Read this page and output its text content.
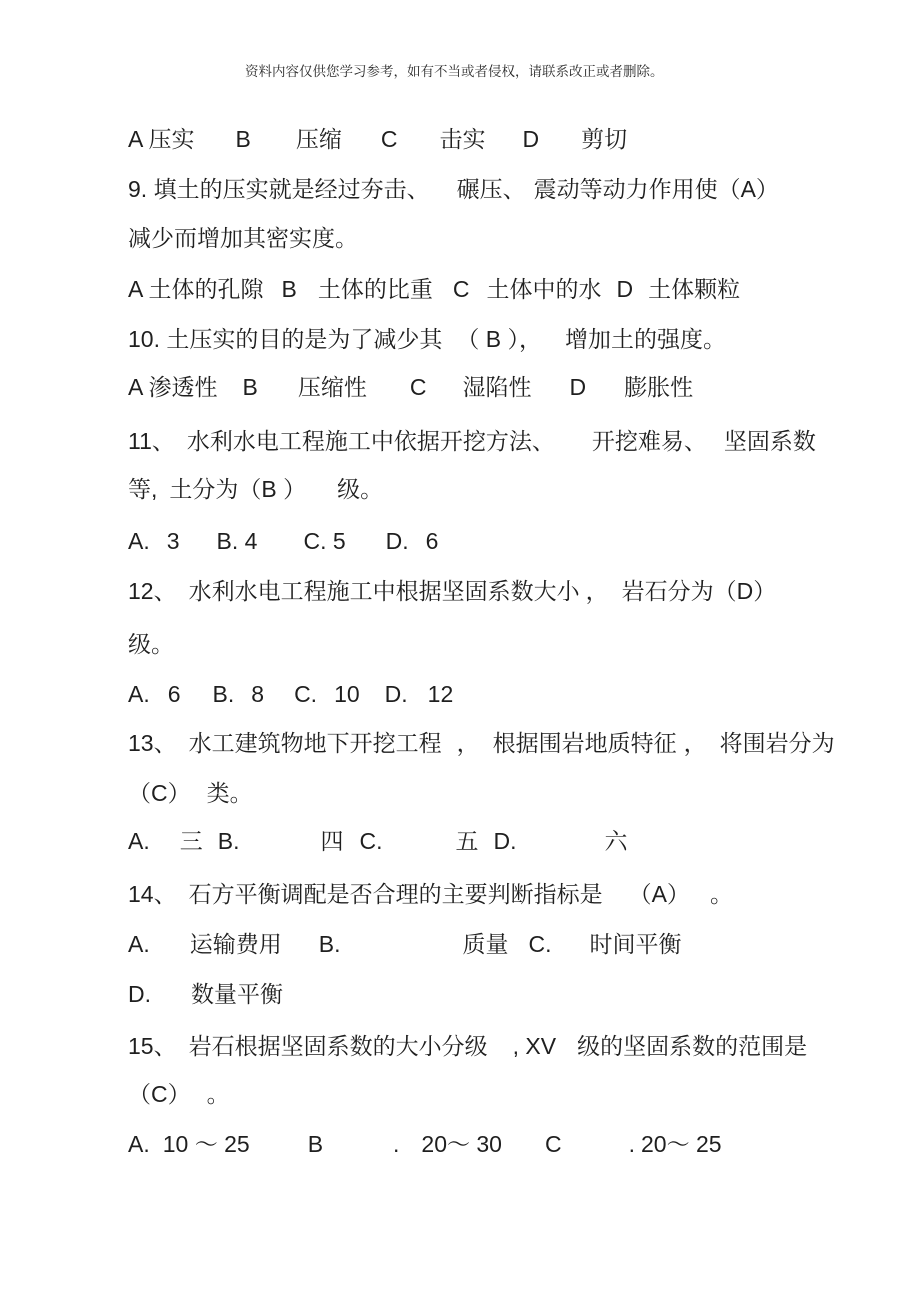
资料内容仅供您学习参考，如有不当或者侵权，请联系改正或者删除。
A 压实 B 压缩 C 击实 D 剪切
9. 填土的压实就是经过夯击、 碾压、 震动等动力作用使（A）
减少而增加其密实度。
A 土体的孔隙 B 土体的比重 C 土体中的水 D 土体颗粒
10. 土压实的目的是为了减少其 （ B ）， 增加土的强度。
A 渗透性 B 压缩性 C 湿陷性 D 膨胀性
11、 水利水电工程施工中依据开挖方法、 开挖难易、 坚固系数
等, 土分为（B ） 级。
A. 3 B. 4 C. 5 D. 6
12、 水利水电工程施工中根据坚固系数大小 ， 岩石分为（D）
级。
A. 6 B. 8 C. 10 D. 12
13、 水工建筑物地下开挖工程 ， 根据围岩地质特征 ， 将围岩分为
（C） 类。
A. 三 B.	四 C.	五 D.	六
14、 石方平衡调配是否合理的主要判断指标是 （A） 。
A. 运输费用 B.	质量 C. 时间平衡
D. 数量平衡
15、 岩石根据坚固系数的大小分级 , XV 级的坚固系数的范围是
（C） 。
A. 10 ～ 25	B	. 20～ 30 C	. 20～ 25
